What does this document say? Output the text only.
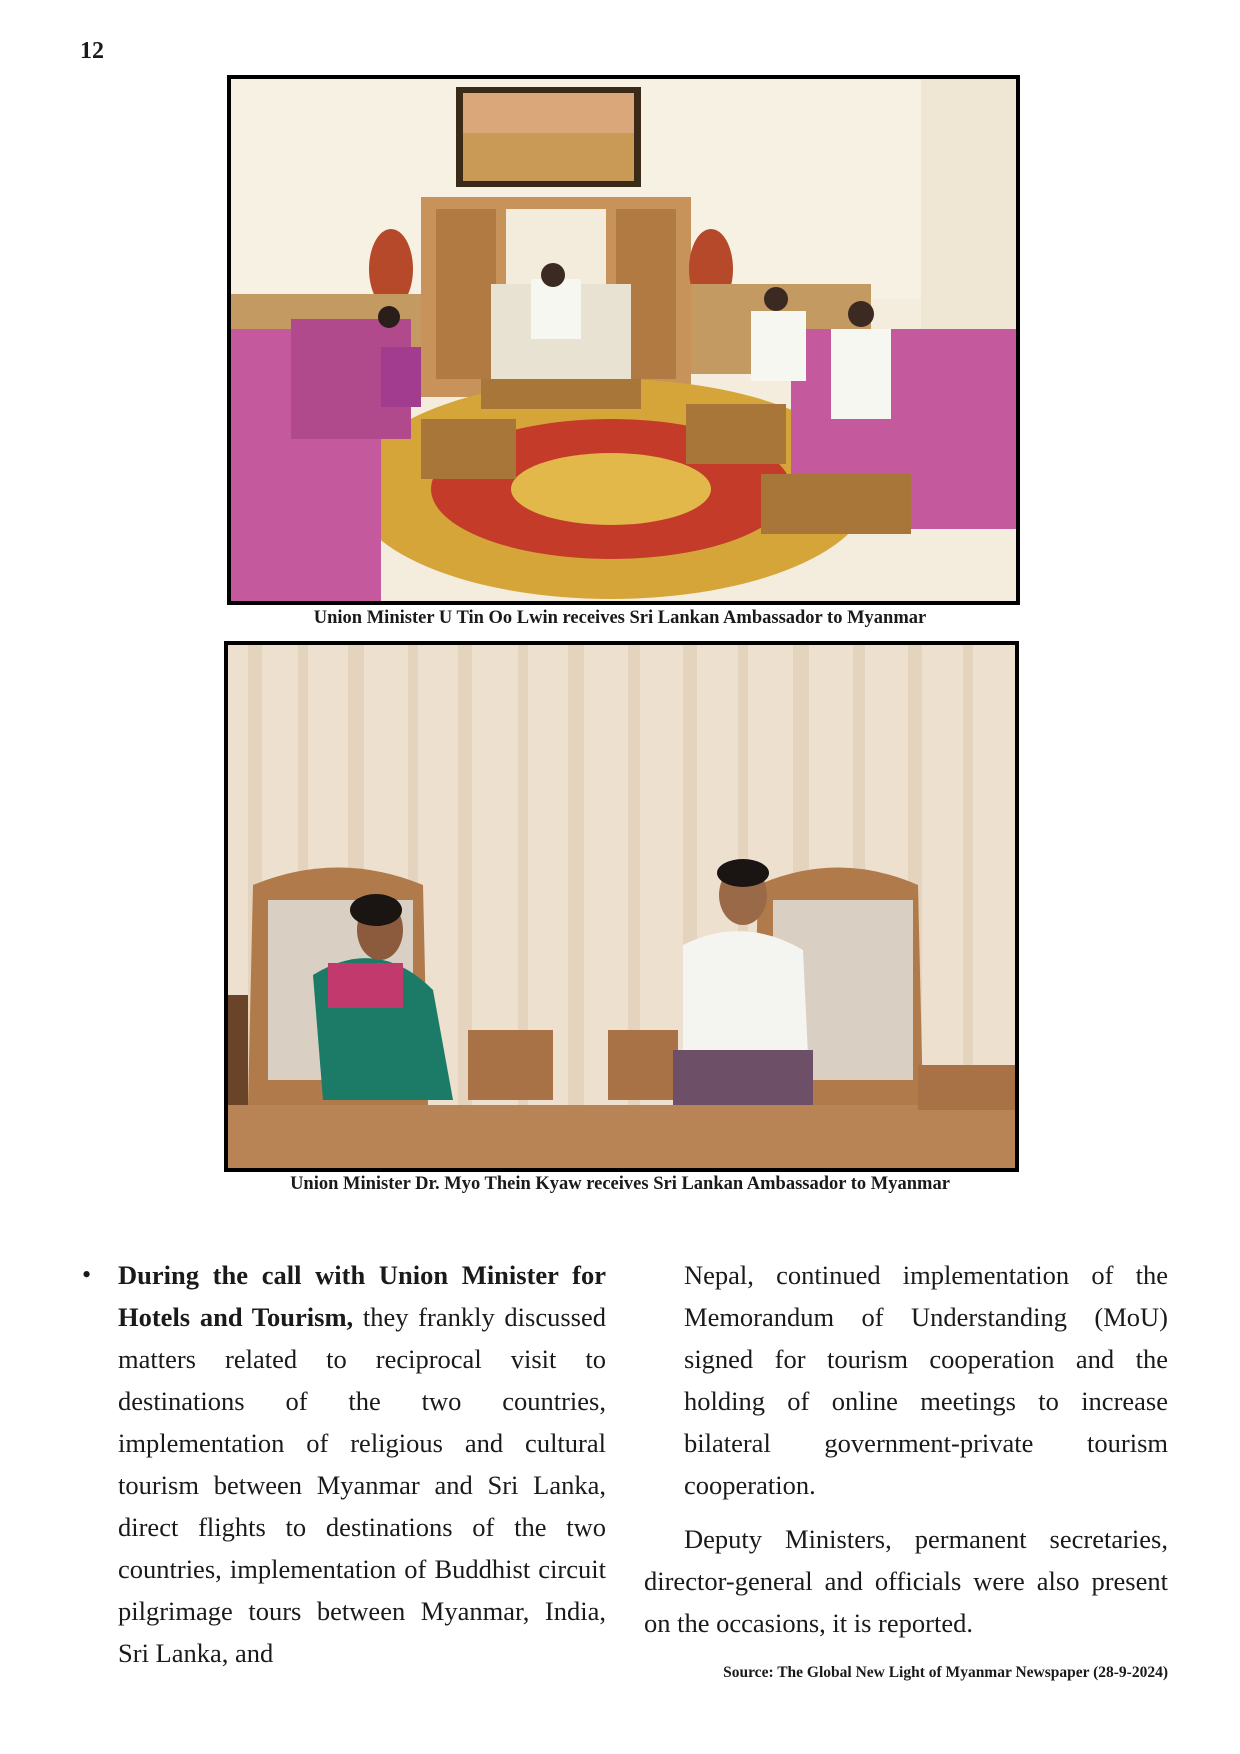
12
Union Minister U Tin Oo Lwin receives Sri Lankan Ambassador to Myanmar
Union Minister Dr. Myo Thein Kyaw receives Sri Lankan Ambassador to Myanmar
• During the call with Union Minister for Hotels and Tourism, they frankly discussed matters related to reciprocal visit to destinations of the two countries, implementation of religious and cultural tourism between Myanmar and Sri Lanka, direct flights to destinations of the two countries, implementation of Buddhist circuit pilgrimage tours between Myanmar, India, Sri Lanka, and

Nepal, continued implementation of the Memorandum of Understanding (MoU) signed for tourism cooperation and the holding of online meetings to increase bilateral government-private tourism cooperation.

Deputy Ministers, permanent secretaries, director-general and officials were also present on the occasions, it is reported.

Source: The Global New Light of Myanmar Newspaper (28-9-2024)
